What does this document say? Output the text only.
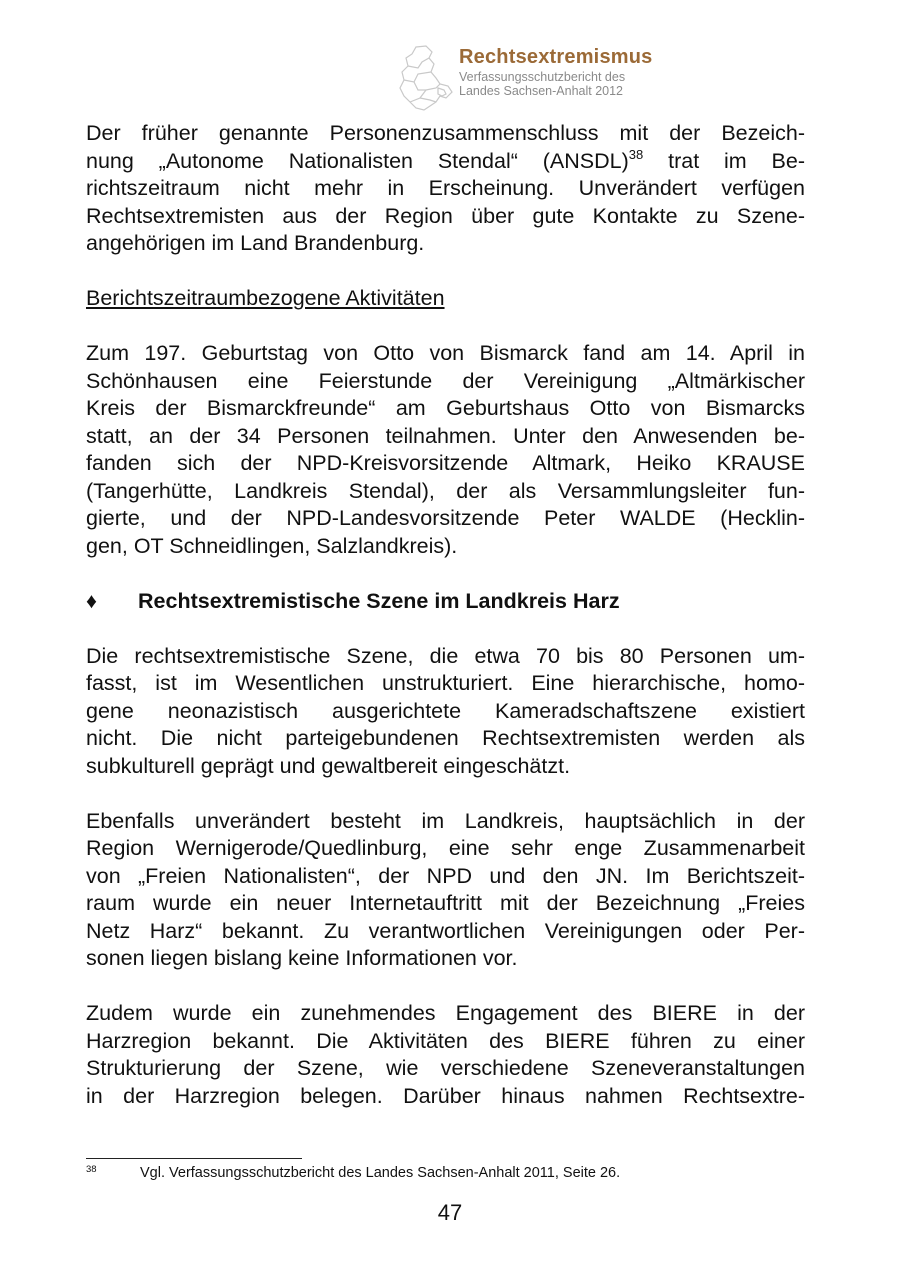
Rechtsextremismus
Verfassungsschutzbericht des
Landes Sachsen-Anhalt 2012
Der früher genannte Personenzusammenschluss mit der Bezeich-
nung „Autonome Nationalisten Stendal“ (ANSDL)$^{38}$ trat im Be-
richtszeitraum nicht mehr in Erscheinung. Unverändert verfügen
Rechtsextremisten aus der Region über gute Kontakte zu Szene-
angehörigen im Land Brandenburg.
Berichtszeitraumbezogene Aktivitäten
Zum 197. Geburtstag von Otto von Bismarck fand am 14. April in
Schönhausen eine Feierstunde der Vereinigung „Altmärkischer
Kreis der Bismarckfreunde“ am Geburtshaus Otto von Bismarcks
statt, an der 34 Personen teilnahmen. Unter den Anwesenden be-
fanden sich der NPD-Kreisvorsitzende Altmark, Heiko KRAUSE
(Tangerhütte, Landkreis Stendal), der als Versammlungsleiter fun-
gierte, und der NPD-Landesvorsitzende Peter WALDE (Hecklin-
gen, OT Schneidlingen, Salzlandkreis).
♦ Rechtsextremistische Szene im Landkreis Harz
Die rechtsextremistische Szene, die etwa 70 bis 80 Personen um-
fasst, ist im Wesentlichen unstrukturiert. Eine hierarchische, homo-
gene neonazistisch ausgerichtete Kameradschaftszene existiert
nicht. Die nicht parteigebundenen Rechtsextremisten werden als
subkulturell geprägt und gewaltbereit eingeschätzt.
Ebenfalls unverändert besteht im Landkreis, hauptsächlich in der
Region Wernigerode/Quedlinburg, eine sehr enge Zusammenarbeit
von „Freien Nationalisten“, der NPD und den JN. Im Berichtszeit-
raum wurde ein neuer Internetauftritt mit der Bezeichnung „Freies
Netz Harz“ bekannt. Zu verantwortlichen Vereinigungen oder Per-
sonen liegen bislang keine Informationen vor.
Zudem wurde ein zunehmendes Engagement des BIERE in der
Harzregion bekannt. Die Aktivitäten des BIERE führen zu einer
Strukturierung der Szene, wie verschiedene Szeneveranstaltungen
in der Harzregion belegen. Darüber hinaus nahmen Rechtsextre-
38	Vgl. Verfassungsschutzbericht des Landes Sachsen-Anhalt 2011, Seite 26.
47
